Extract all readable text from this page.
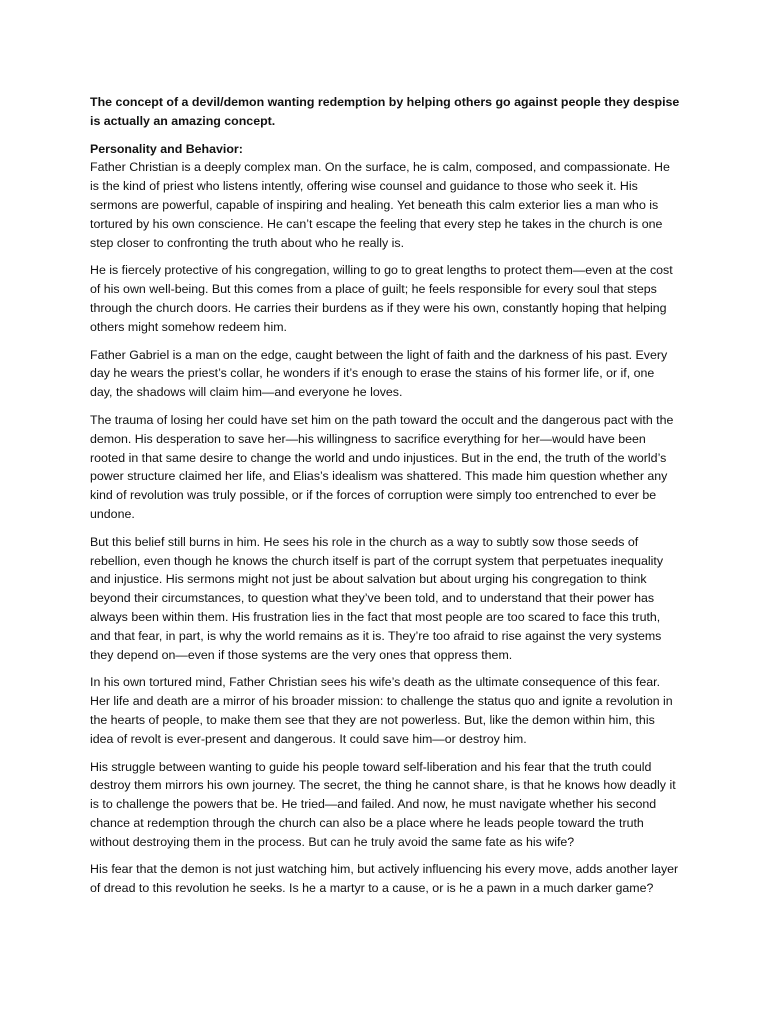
The concept of a devil/demon wanting redemption by helping others go against people they despise is actually an amazing concept.

Personality and Behavior:
Father Christian is a deeply complex man. On the surface, he is calm, composed, and compassionate. He is the kind of priest who listens intently, offering wise counsel and guidance to those who seek it. His sermons are powerful, capable of inspiring and healing. Yet beneath this calm exterior lies a man who is tortured by his own conscience. He can’t escape the feeling that every step he takes in the church is one step closer to confronting the truth about who he really is.

He is fiercely protective of his congregation, willing to go to great lengths to protect them—even at the cost of his own well-being. But this comes from a place of guilt; he feels responsible for every soul that steps through the church doors. He carries their burdens as if they were his own, constantly hoping that helping others might somehow redeem him.

Father Gabriel is a man on the edge, caught between the light of faith and the darkness of his past. Every day he wears the priest’s collar, he wonders if it’s enough to erase the stains of his former life, or if, one day, the shadows will claim him—and everyone he loves.

The trauma of losing her could have set him on the path toward the occult and the dangerous pact with the demon. His desperation to save her—his willingness to sacrifice everything for her—would have been rooted in that same desire to change the world and undo injustices. But in the end, the truth of the world’s power structure claimed her life, and Elias’s idealism was shattered. This made him question whether any kind of revolution was truly possible, or if the forces of corruption were simply too entrenched to ever be undone.

But this belief still burns in him. He sees his role in the church as a way to subtly sow those seeds of rebellion, even though he knows the church itself is part of the corrupt system that perpetuates inequality and injustice. His sermons might not just be about salvation but about urging his congregation to think beyond their circumstances, to question what they’ve been told, and to understand that their power has always been within them. His frustration lies in the fact that most people are too scared to face this truth, and that fear, in part, is why the world remains as it is. They’re too afraid to rise against the very systems they depend on—even if those systems are the very ones that oppress them.

In his own tortured mind, Father Christian sees his wife’s death as the ultimate consequence of this fear. Her life and death are a mirror of his broader mission: to challenge the status quo and ignite a revolution in the hearts of people, to make them see that they are not powerless. But, like the demon within him, this idea of revolt is ever-present and dangerous. It could save him—or destroy him.

His struggle between wanting to guide his people toward self-liberation and his fear that the truth could destroy them mirrors his own journey. The secret, the thing he cannot share, is that he knows how deadly it is to challenge the powers that be. He tried—and failed. And now, he must navigate whether his second chance at redemption through the church can also be a place where he leads people toward the truth without destroying them in the process. But can he truly avoid the same fate as his wife?

His fear that the demon is not just watching him, but actively influencing his every move, adds another layer of dread to this revolution he seeks. Is he a martyr to a cause, or is he a pawn in a much darker game?
